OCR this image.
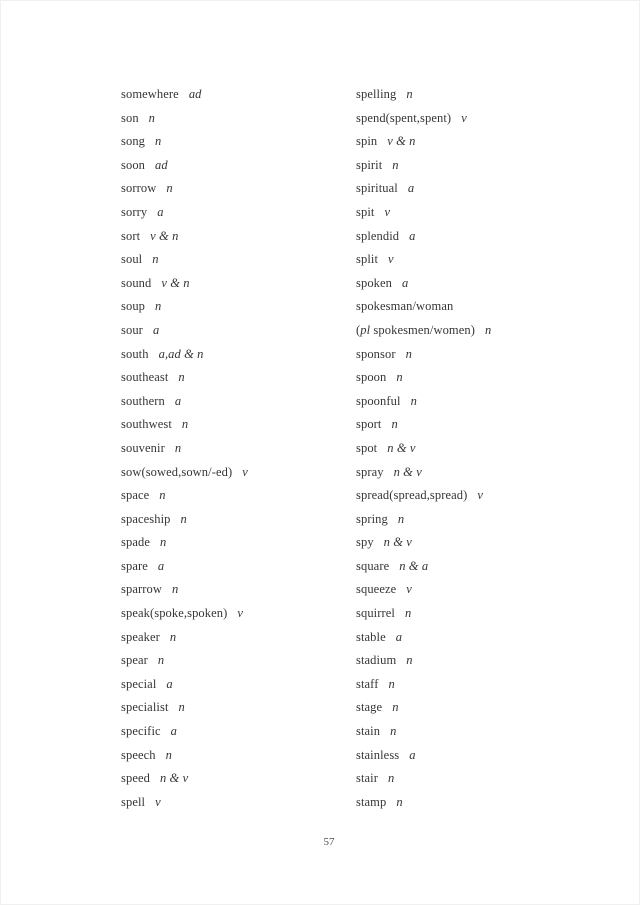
somewhere ad
son n
song n
soon ad
sorrow n
sorry a
sort v & n
soul n
sound v & n
soup n
sour a
south a,ad & n
southeast n
southern a
southwest n
souvenir n
sow(sowed,sown/-ed) v
space n
spaceship n
spade n
spare a
sparrow n
speak(spoke,spoken) v
speaker n
spear n
special a
specialist n
specific a
speech n
speed n & v
spell v
spelling n
spend(spent,spent) v
spin v & n
spirit n
spiritual a
spit v
splendid a
split v
spoken a
spokesman/woman
(pl spokesmen/women) n
sponsor n
spoon n
spoonful n
sport n
spot n & v
spray n & v
spread(spread,spread) v
spring n
spy n & v
square n & a
squeeze v
squirrel n
stable a
stadium n
staff n
stage n
stain n
stainless a
stair n
stamp n
57
